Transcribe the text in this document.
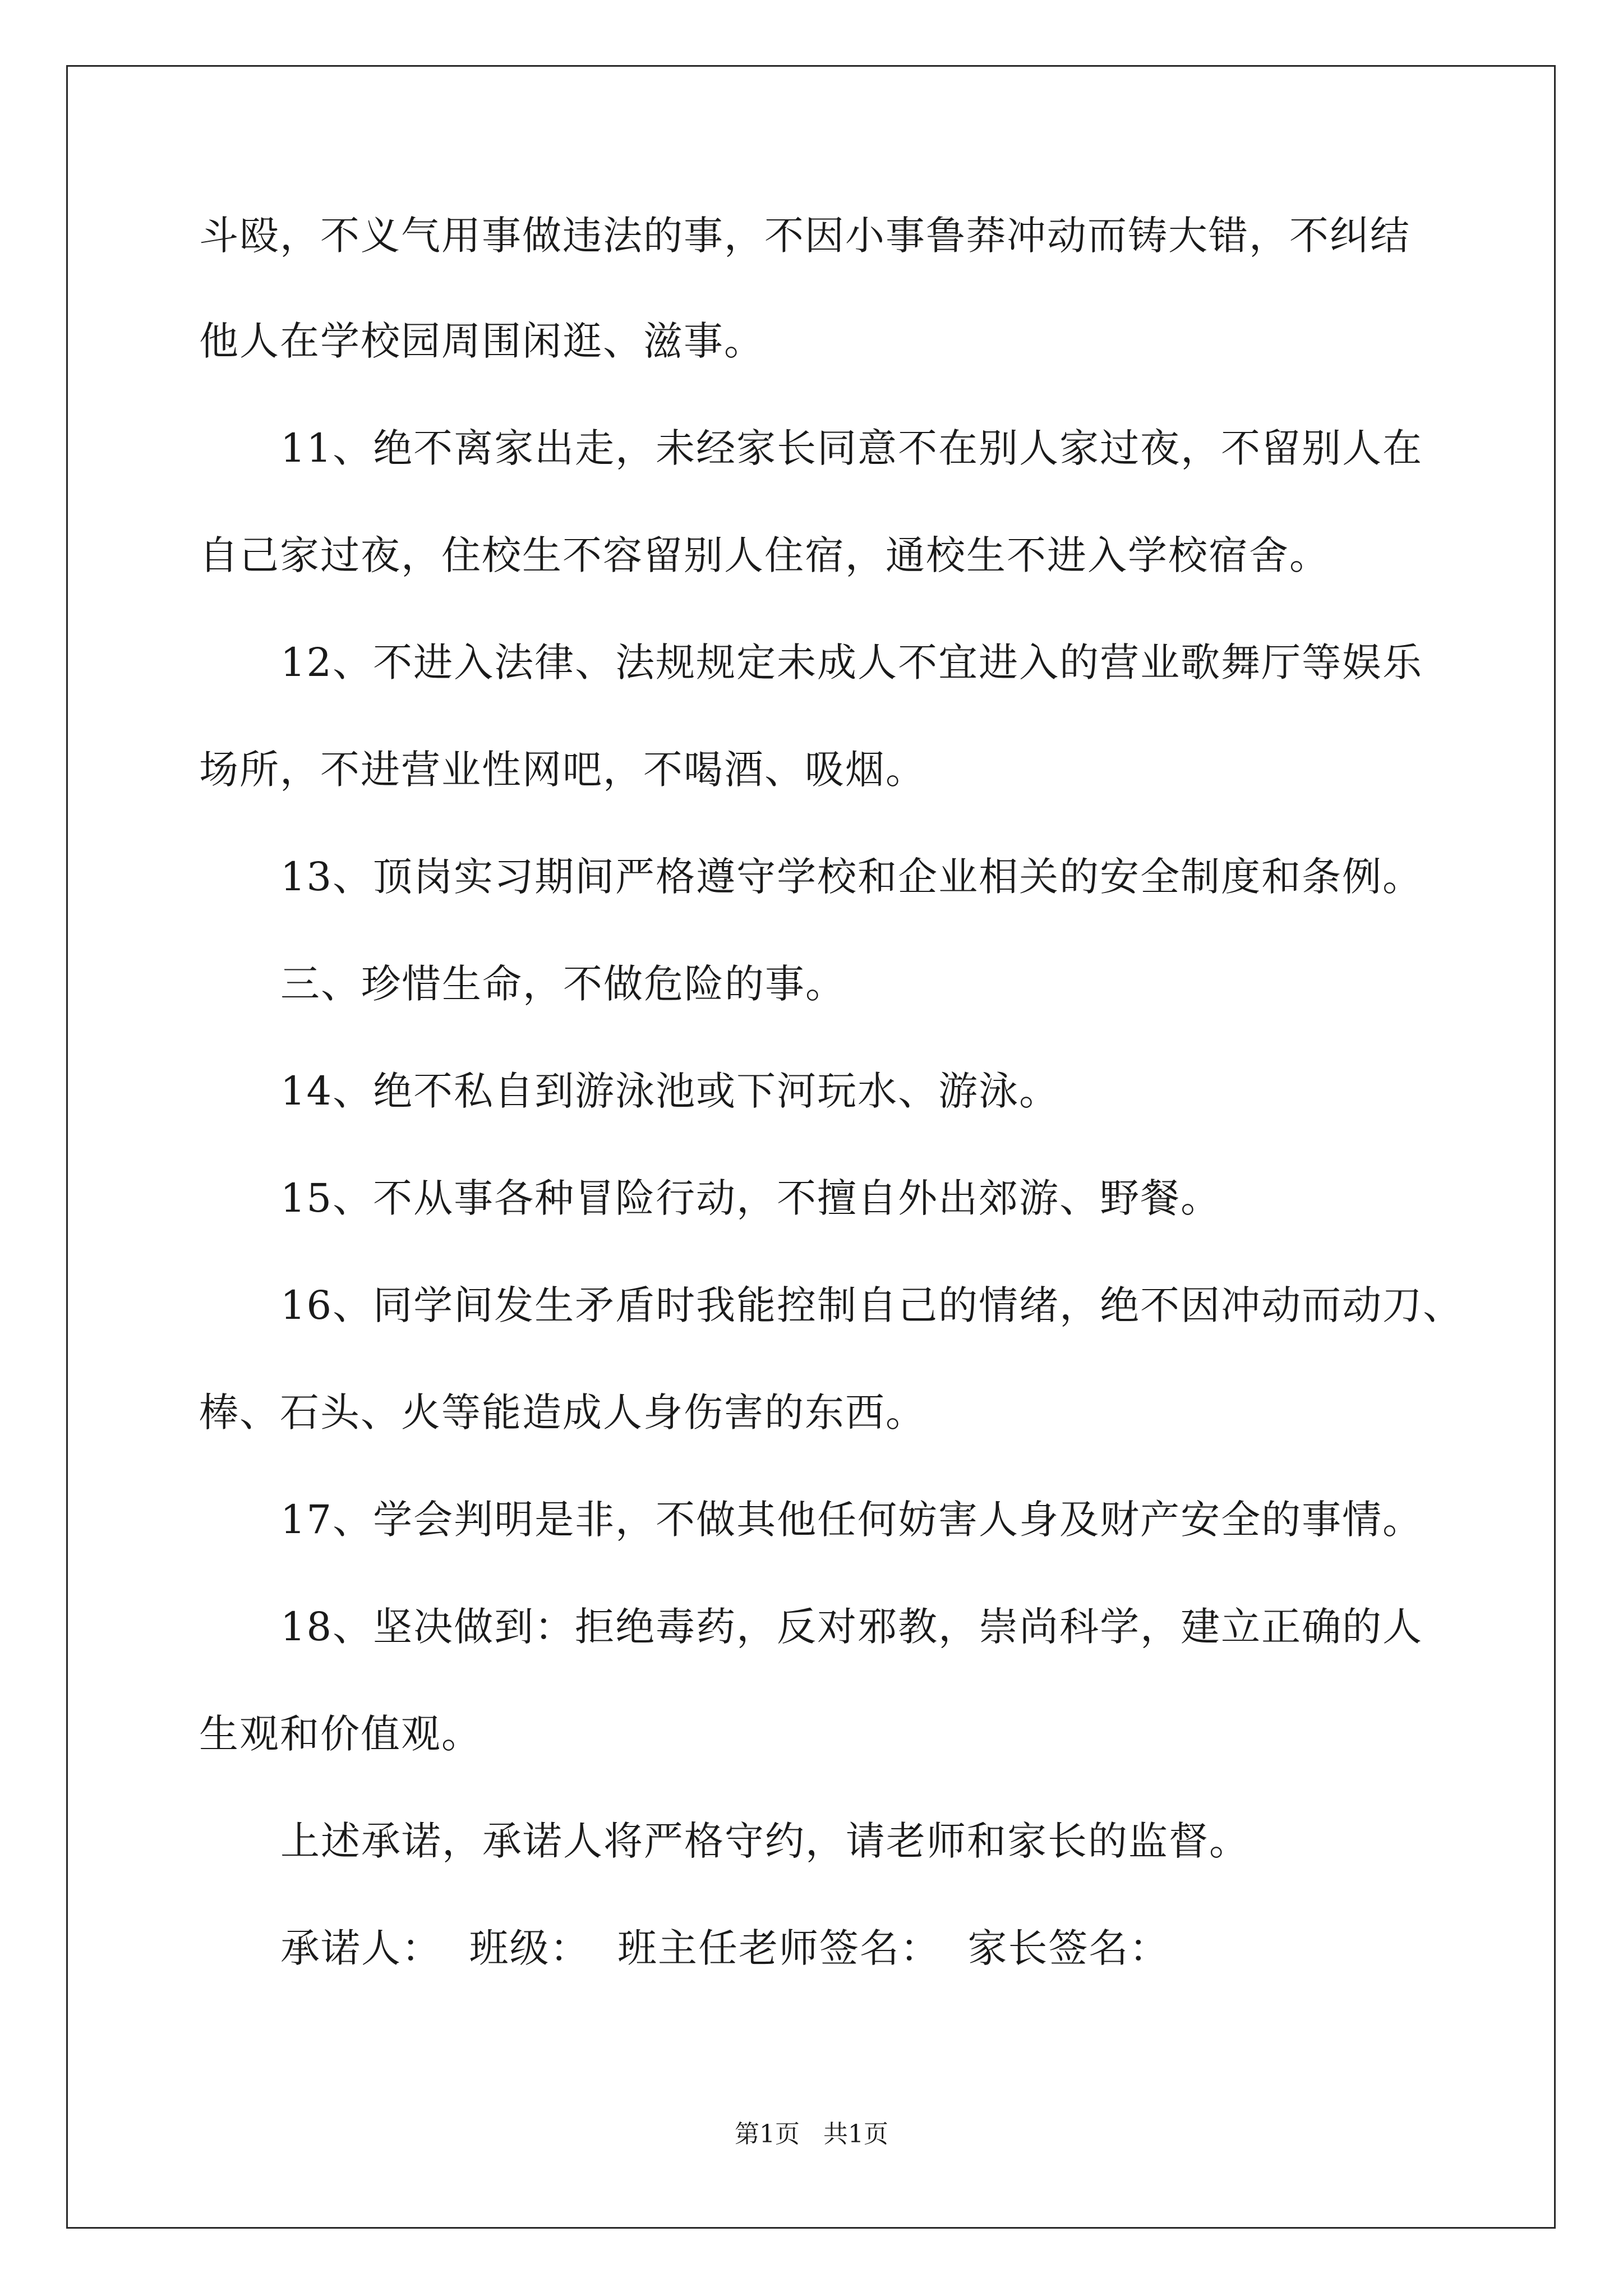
斗殴，不义气用事做违法的事，不因小事鲁莽冲动而铸大错，不纠结
他人在学校园周围闲逛、滋事。
11、绝不离家出走，未经家长同意不在别人家过夜，不留别人在
自己家过夜，住校生不容留别人住宿，通校生不进入学校宿舍。
12、不进入法律、法规规定未成人不宜进入的营业歌舞厅等娱乐
场所，不进营业性网吧，不喝酒、吸烟。
13、顶岗实习期间严格遵守学校和企业相关的安全制度和条例。
三、珍惜生命，不做危险的事。
14、绝不私自到游泳池或下河玩水、游泳。
15、不从事各种冒险行动，不擅自外出郊游、野餐。
16、同学间发生矛盾时我能控制自己的情绪，绝不因冲动而动刀、
棒、石头、火等能造成人身伤害的东西。
17、学会判明是非，不做其他任何妨害人身及财产安全的事情。
18、坚决做到：拒绝毒药，反对邪教，崇尚科学，建立正确的人
生观和价值观。
上述承诺，承诺人将严格守约，请老师和家长的监督。
承诺人：  班级：  班主任老师签名：  家长签名：
第1页   共1页
